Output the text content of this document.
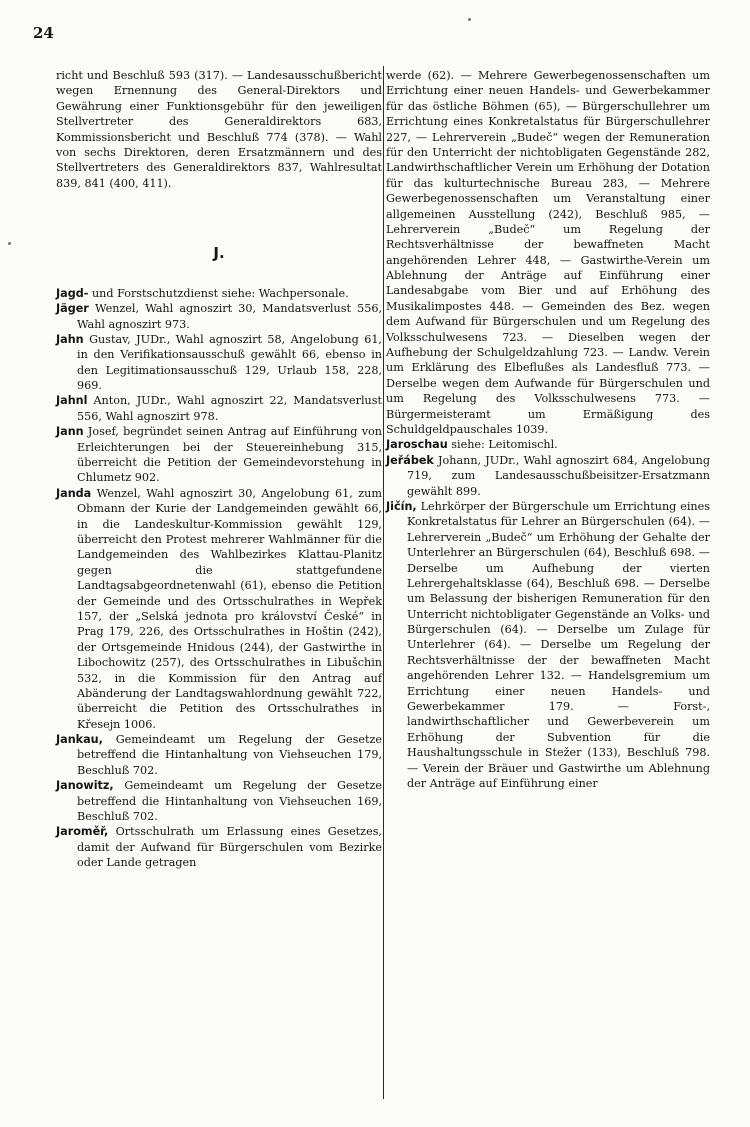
24

richt und Beschluß 593 (317). — Landesausschußbericht wegen Ernennung des General-Direktors und Gewährung einer Funktionsgebühr für den jeweiligen Stellvertreter des Generaldirektors 683, Kommissionsbericht und Beschluß 774 (378). — Wahl von sechs Direktoren, deren Ersatzmännern und des Stellvertreters des Generaldirektors 837, Wahlresultat 839, 841 (400, 411).

J.

Jagd- und Forstschutzdienst siehe: Wachpersonale.

Jäger Wenzel, Wahl agnoszirt 30, Mandatsverlust 556, Wahl agnoszirt 973.

Jahn Gustav, JUDr., Wahl agnoszirt 58, Angelobung 61, in den Verifikationsausschuß gewählt 66, ebenso in den Legitimationsausschuß 129, Urlaub 158, 228, 969.

Jahnl Anton, JUDr., Wahl agnoszirt 22, Mandatsverlust 556, Wahl agnoszirt 978.

Jann Josef, begründet seinen Antrag auf Einführung von Erleichterungen bei der Steuereinhebung 315, überreicht die Petition der Gemeindevorstehung in Chlumetz 902.

Janda Wenzel, Wahl agnoszirt 30, Angelobung 61, zum Obmann der Kurie der Landgemeinden gewählt 66, in die Landeskultur-Kommission gewählt 129, überreicht den Protest mehrerer Wahlmänner für die Landgemeinden des Wahlbezirkes Klattau-Planitz gegen die stattgefundene Landtagsabgeordnetenwahl (61), ebenso die Petition der Gemeinde und des Ortsschulrathes in Wepřek 157, der „Selská jednota pro království České“ in Prag 179, 226, des Ortsschulrathes in Hoštin (242), der Ortsgemeinde Hnidous (244), der Gastwirthe in Libochowitz (257), des Ortsschulrathes in Libušchin 532, in die Kommission für den Antrag auf Abänderung der Landtagswahlordnung gewählt 722, überreicht die Petition des Ortsschulrathes in Křesejn 1006.

Jankau, Gemeindeamt um Regelung der Gesetze betreffend die Hintanhaltung von Viehseuchen 179, Beschluß 702.

Janowitz, Gemeindeamt um Regelung der Gesetze betreffend die Hintanhaltung von Viehseuchen 169, Beschluß 702.

Jaroměř, Ortsschulrath um Erlassung eines Gesetzes, damit der Aufwand für Bürgerschulen vom Bezirke oder Lande getragen

werde (62). — Mehrere Gewerbegenossenschaften um Errichtung einer neuen Handels- und Gewerbekammer für das östliche Böhmen (65), — Bürgerschullehrer um Errichtung eines Konkretalstatus für Bürgerschullehrer 227, — Lehrerverein „Budeč“ wegen der Remuneration für den Unterricht der nichtobligaten Gegenstände 282, Landwirthschaftlicher Verein um Erhöhung der Dotation für das kulturtechnische Bureau 283, — Mehrere Gewerbegenossenschaften um Veranstaltung einer allgemeinen Ausstellung (242), Beschluß 985, — Lehrerverein „Budeč“ um Regelung der Rechtsverhältnisse der bewaffneten Macht angehörenden Lehrer 448, — Gastwirthe-Verein um Ablehnung der Anträge auf Einführung einer Landesabgabe vom Bier und auf Erhöhung des Musikalimpostes 448. — Gemeinden des Bez. wegen dem Aufwand für Bürgerschulen und um Regelung des Volksschulwesens 723. — Dieselben wegen der Aufhebung der Schulgeldzahlung 723. — Landw. Verein um Erklärung des Elbeflußes als Landesfluß 773. — Derselbe wegen dem Aufwande für Bürgerschulen und um Regelung des Volksschulwesens 773. — Bürgermeisteramt um Ermäßigung des Schuldgeldpauschales 1039.

Jaroschau siehe: Leitomischl.

Jeřábek Johann, JUDr., Wahl agnoszirt 684, Angelobung 719, zum Landesausschußbeisitzer-Ersatzmann gewählt 899.

Jičín, Lehrkörper der Bürgerschule um Errichtung eines Konkretalstatus für Lehrer an Bürgerschulen (64). — Lehrerverein „Budeč“ um Erhöhung der Gehalte der Unterlehrer an Bürgerschulen (64), Beschluß 698. — Derselbe um Aufhebung der vierten Lehrergehaltsklasse (64), Beschluß 698. — Derselbe um Belassung der bisherigen Remuneration für den Unterricht nichtobligater Gegenstände an Volks- und Bürgerschulen (64). — Derselbe um Zulage für Unterlehrer (64). — Derselbe um Regelung der Rechtsverhältnisse der der bewaffneten Macht angehörenden Lehrer 132. — Handelsgremium um Errichtung einer neuen Handels- und Gewerbekammer 179. — Forst-, landwirthschaftlicher und Gewerbeverein um Erhöhung der Subvention für die Haushaltungsschule in Stežer (133), Beschluß 798. — Verein der Bräuer und Gastwirthe um Ablehnung der Anträge auf Einführung einer
